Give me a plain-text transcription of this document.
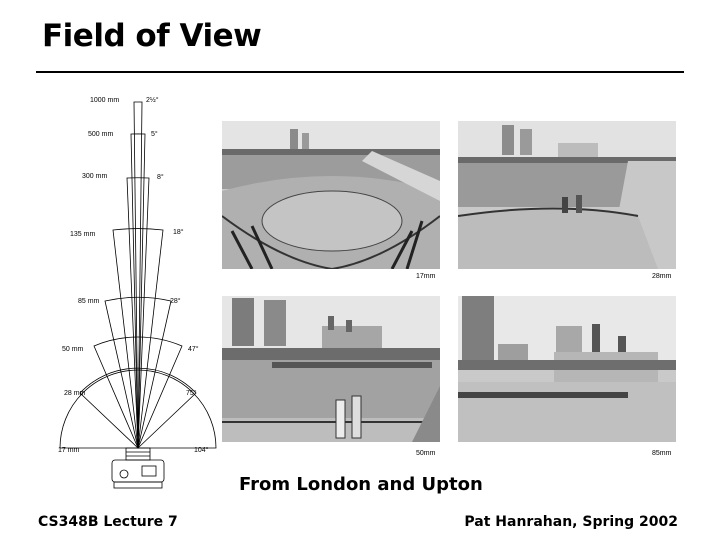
Field of View
1000 mm	2½°
500 mm	5°
300 mm	8°
135 mm	18°
85 mm	28°
50 mm	47°
28 mm	75°
17 mm	104°
17mm	28mm
50mm	85mm
From London and Upton
CS348B Lecture 7	Pat Hanrahan, Spring 2002
